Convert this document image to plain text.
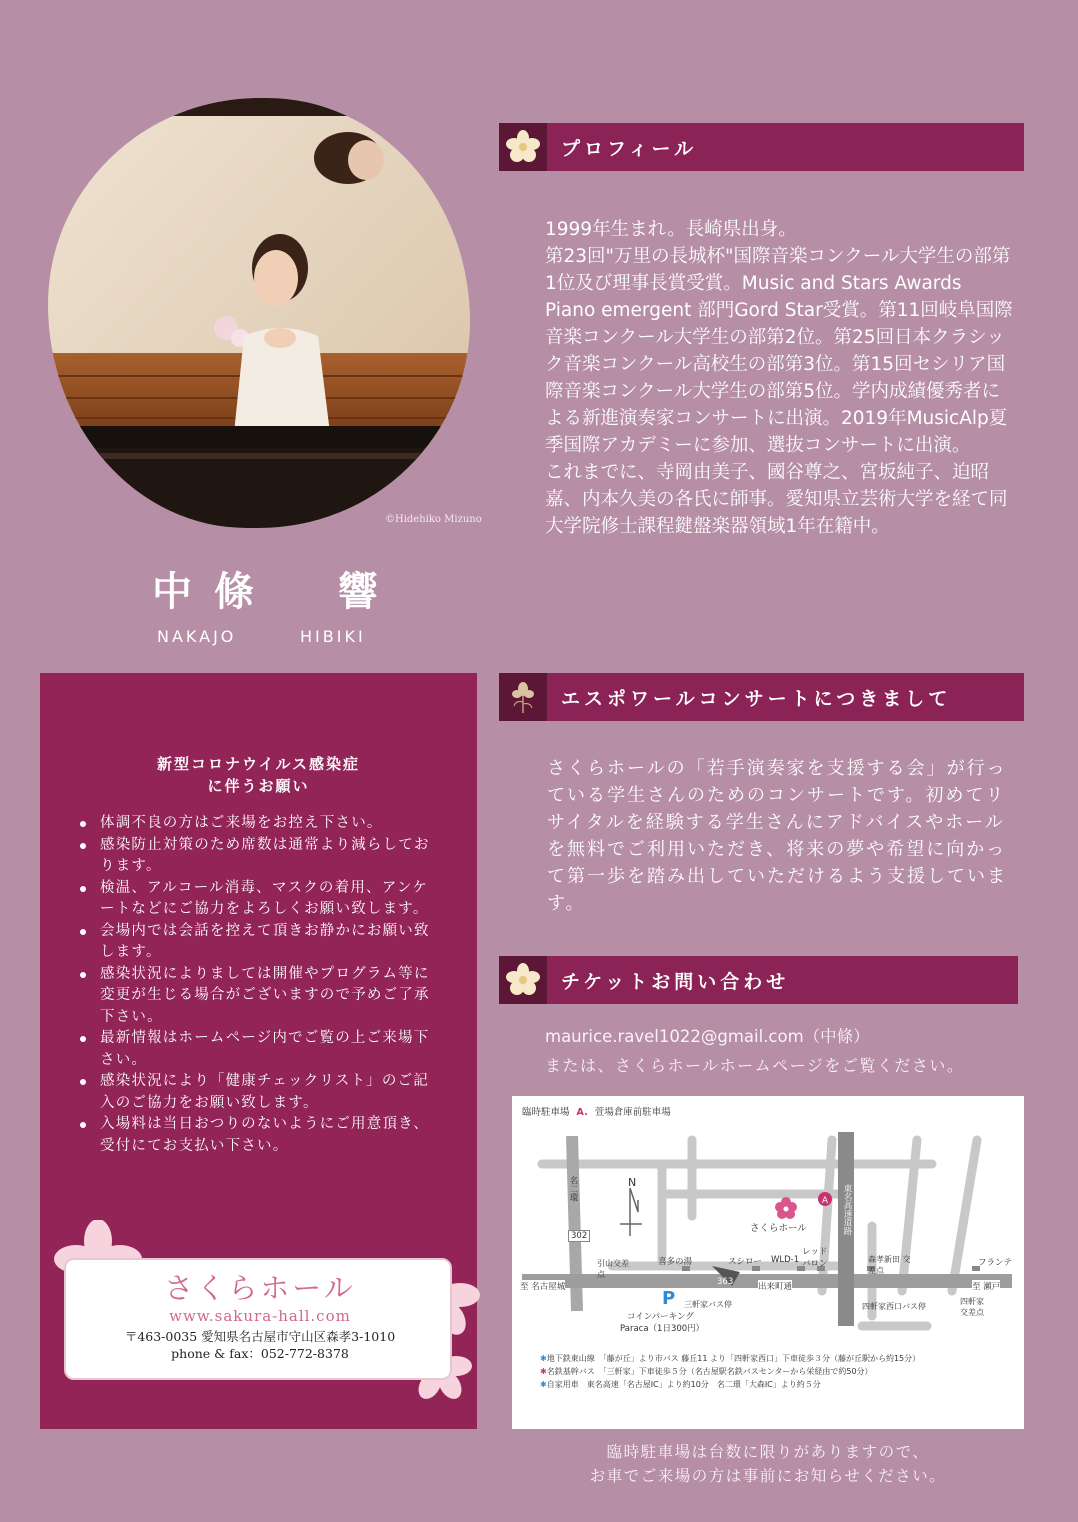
©Hidehiko Mizuno
中條　響
NAKAJO	HIBIKI
プロフィール

1999年生まれ。長崎県出身。

第23回"万里の長城杯"国際音楽コンクール大学生の部第1位及び理事長賞受賞。Music and Stars Awards Piano emergent 部門Gord Star受賞。第11回岐阜国際音楽コンクール大学生の部第2位。第25回日本クラシック音楽コンクール高校生の部第3位。第15回セシリア国際音楽コンクール大学生の部第5位。学内成績優秀者による新進演奏家コンサートに出演。2019年MusicAlp夏季国際アカデミーに参加、選抜コンサートに出演。

これまでに、寺岡由美子、國谷尊之、宮坂純子、迫昭嘉、内本久美の各氏に師事。愛知県立芸術大学を経て同大学院修士課程鍵盤楽器領域1年在籍中。

新型コロナウイルス感染症
に伴うお願い
体調不良の方はご来場をお控え下さい。
感染防止対策のため席数は通常より減らしております。
検温、アルコール消毒、マスクの着用、アンケートなどにご協力をよろしくお願い致します。
会場内では会話を控えて頂きお静かにお願い致します。
感染状況によりましては開催やプログラム等に変更が生じる場合がございますので予めご了承下さい。
最新情報はホームページ内でご覧の上ご来場下さい。
感染状況により「健康チェックリスト」のご記入のご協力をお願い致します。
入場料は当日おつりのないようにご用意頂き、受付にてお支払い下さい。
さくらホール
www.sakura-hall.com
〒463-0035 愛知県名古屋市守山区森孝3-1010
phone & fax：052-772-8378
エスポワールコンサートにつきまして
さくらホールの「若手演奏家を支援する会」が行っている学生さんのためのコンサートです。初めてリサイタルを経験する学生さんにアドバイスやホールを無料でご利用いただき、将来の夢や希望に向かって第一歩を踏み出していただけるよう支援しています。
チケットお問い合わせ
maurice.ravel1022@gmail.com（中條）
または、さくらホールホームページをご覧ください。
A
P
臨時駐車場 A. 萱場倉庫前駐車場
N
302
名二環	東名高速道路
さくらホール
引山交差点
喜多の湯	スシロー WLD-1
レッド バロン	森孝新田 交差点
フランテ
至 名古屋城	363	出来町通	至 瀬戸
コインパーキング
Paraca（1日300円）
三軒家バス停	四軒家西口バス停
四軒家 交差点
✱地下鉄東山線　 「藤が丘」より市バス 藤丘11 より「四軒家西口」下車徒歩３分（藤が丘駅から約15分）
✱名鉄基幹バス　 「三軒家」下車徒歩５分（名古屋駅名鉄バスセンターから栄経由で約50分）
✱自家用車　 東名高速「名古屋IC」より約10分　名二環「大森IC」より約５分
臨時駐車場は台数に限りがありますので、
お車でご来場の方は事前にお知らせください。
